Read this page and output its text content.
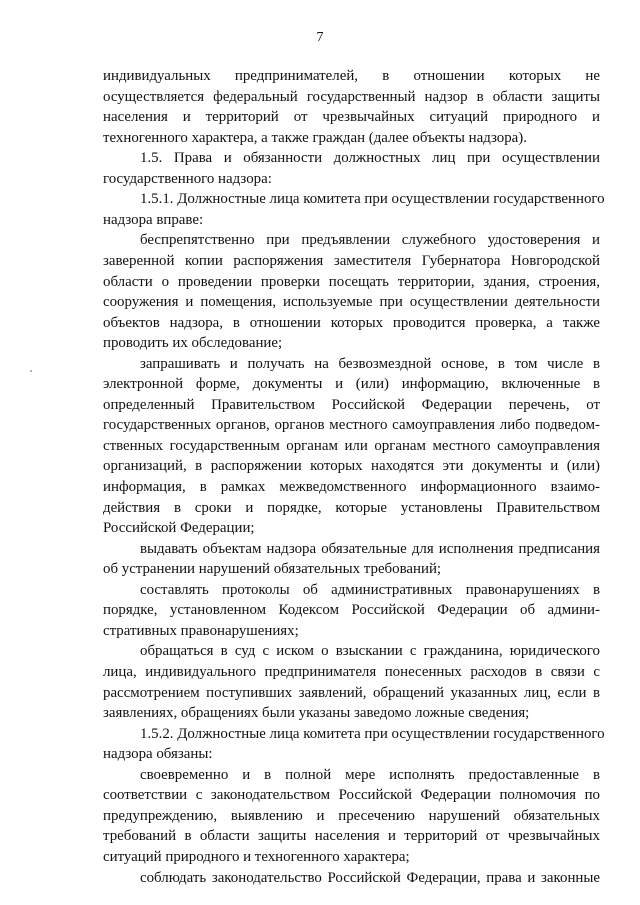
7
индивидуальных предпринимателей, в отношении которых не
осуществляется федеральный государственный надзор в области защиты
населения и территорий от чрезвычайных ситуаций природного и
техногенного характера, а также граждан (далее объекты надзора).
1.5. Права и обязанности должностных лиц при осуществлении
государственного надзора:
1.5.1. Должностные лица комитета при осуществлении государственного
надзора вправе:
беспрепятственно при предъявлении служебного удостоверения и
заверенной копии распоряжения заместителя Губернатора Новгородской
области о проведении проверки посещать территории, здания, строения,
сооружения и помещения, используемые при осуществлении деятельности
объектов надзора, в отношении которых проводится проверка, а также
проводить их обследование;
запрашивать и получать на безвозмездной основе, в том числе в
электронной форме, документы и (или) информацию, включенные в
определенный Правительством Российской Федерации перечень, от
государственных органов, органов местного самоуправления либо подведом-
ственных государственным органам или органам местного самоуправления
организаций, в распоряжении которых находятся эти документы и (или)
информация, в рамках межведомственного информационного взаимо-
действия в сроки и порядке, которые установлены Правительством
Российской Федерации;
выдавать объектам надзора обязательные для исполнения предписания
об устранении нарушений обязательных требований;
составлять протоколы об административных правонарушениях в
порядке, установленном Кодексом Российской Федерации об админи-
стративных правонарушениях;
обращаться в суд с иском о взыскании с гражданина, юридического
лица, индивидуального предпринимателя понесенных расходов в связи с
рассмотрением поступивших заявлений, обращений указанных лиц, если в
заявлениях, обращениях были указаны заведомо ложные сведения;
1.5.2. Должностные лица комитета при осуществлении государственного
надзора обязаны:
своевременно и в полной мере исполнять предоставленные в
соответствии с законодательством Российской Федерации полномочия по
предупреждению, выявлению и пресечению нарушений обязательных
требований в области защиты населения и территорий от чрезвычайных
ситуаций природного и техногенного характера;
соблюдать законодательство Российской Федерации, права и законные
